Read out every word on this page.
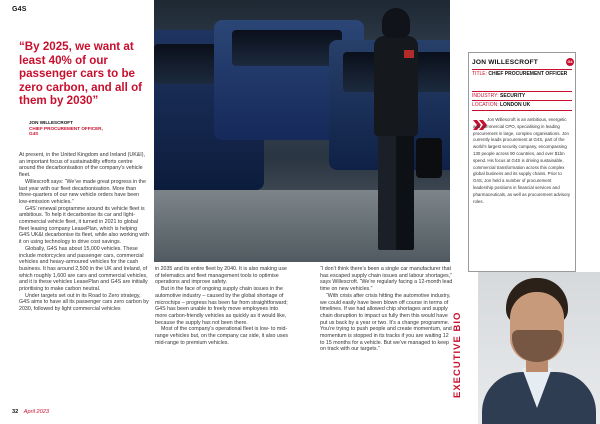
G4S
“By 2025, we want at least 40% of our passenger cars to be zero carbon, and all of them by 2030”
JON WILLESCROFT
CHIEF PROCUREMENT OFFICER,
G4S

At present, in the United Kingdom and Ireland (UK&I), an important focus of sustainability efforts centre around the decarbonisation of the company’s vehicle fleet.

Willescroft says: “We’ve made great progress in the last year with our fleet decarbonisation. More than three-quarters of our new vehicle orders have been low-emission vehicles.”

G4S’ renewal programme around its vehicle fleet is ambitious. To help it decarbonise its car and light-commercial vehicle fleet, it turned in 2021 to global fleet leasing company LeasePlan, which is helping G4S UK&I decarbonise its fleet, while also working with it on using technology to drive cost savings.

Globally, G4S has about 15,000 vehicles. These include motorcycles and passenger cars, commercial vehicles and heavy-armoured vehicles for the cash business. It has around 2,500 in the UK and Ireland, of which roughly 1,600 are cars and commercial vehicles, and it is these vehicles LeasePlan and G4S are initially prioritising to make carbon neutral.

Under targets set out in its Road to Zero strategy, G4S aims to have all its passenger cars zero carbon by 2030, followed by light commercial vehicles

in 2035 and its entire fleet by 2040. It is also making use of telematics and fleet management tools to optimise operations and improve safety.

But in the face of ongoing supply chain issues in the automotive industry – caused by the global shortage of microchips – progress has been far from straightforward; G4S has been unable to freely move employees into more carbon-friendly vehicles as quickly as it would like, because the supply has not been there.

Most of the company’s operational fleet is low- to mid-range vehicles but, on the company car side, it also uses mid-range to premium vehicles.

“I don’t think there’s been a single car manufacturer that has escaped supply chain issues and labour shortages,” says Willescroft. “We’re regularly facing a 12-month lead time on new vehicles.”

“With crisis after crisis hitting the automotive industry, we could easily have been blown off course in terms of timelines. If we had allowed chip shortages and supply chain disruption to impact us fully then this would have put us back by a year or two. It’s a change programme. You’re trying to push people and create momentum, and momentum is stopped in its tracks if you are waiting 12 to 15 months for a vehicle. But we’ve managed to keep on track with our targets.”

G4
JON WILLESCROFT
TITLE: CHIEF PROCUREMENT OFFICER
INDUSTRY: SECURITY
LOCATION: LONDON UK
Jon Willescroft is an ambitious, energetic and commercial CPO, specialising in leading procurement in large, complex organisations. Jon currently leads procurement at G4S, part of the world’s largest security company, encompassing 130 people across 90 countries, and over $1bn spend. His focus at G4S is driving sustainable, commercial transformation across this complex global business and its supply chains. Prior to G4S, Jon held a number of procurement leadership positions in financial services and pharmaceuticals, as well as procurement advisory roles.
EXECUTIVE BIO
32 April 2023
